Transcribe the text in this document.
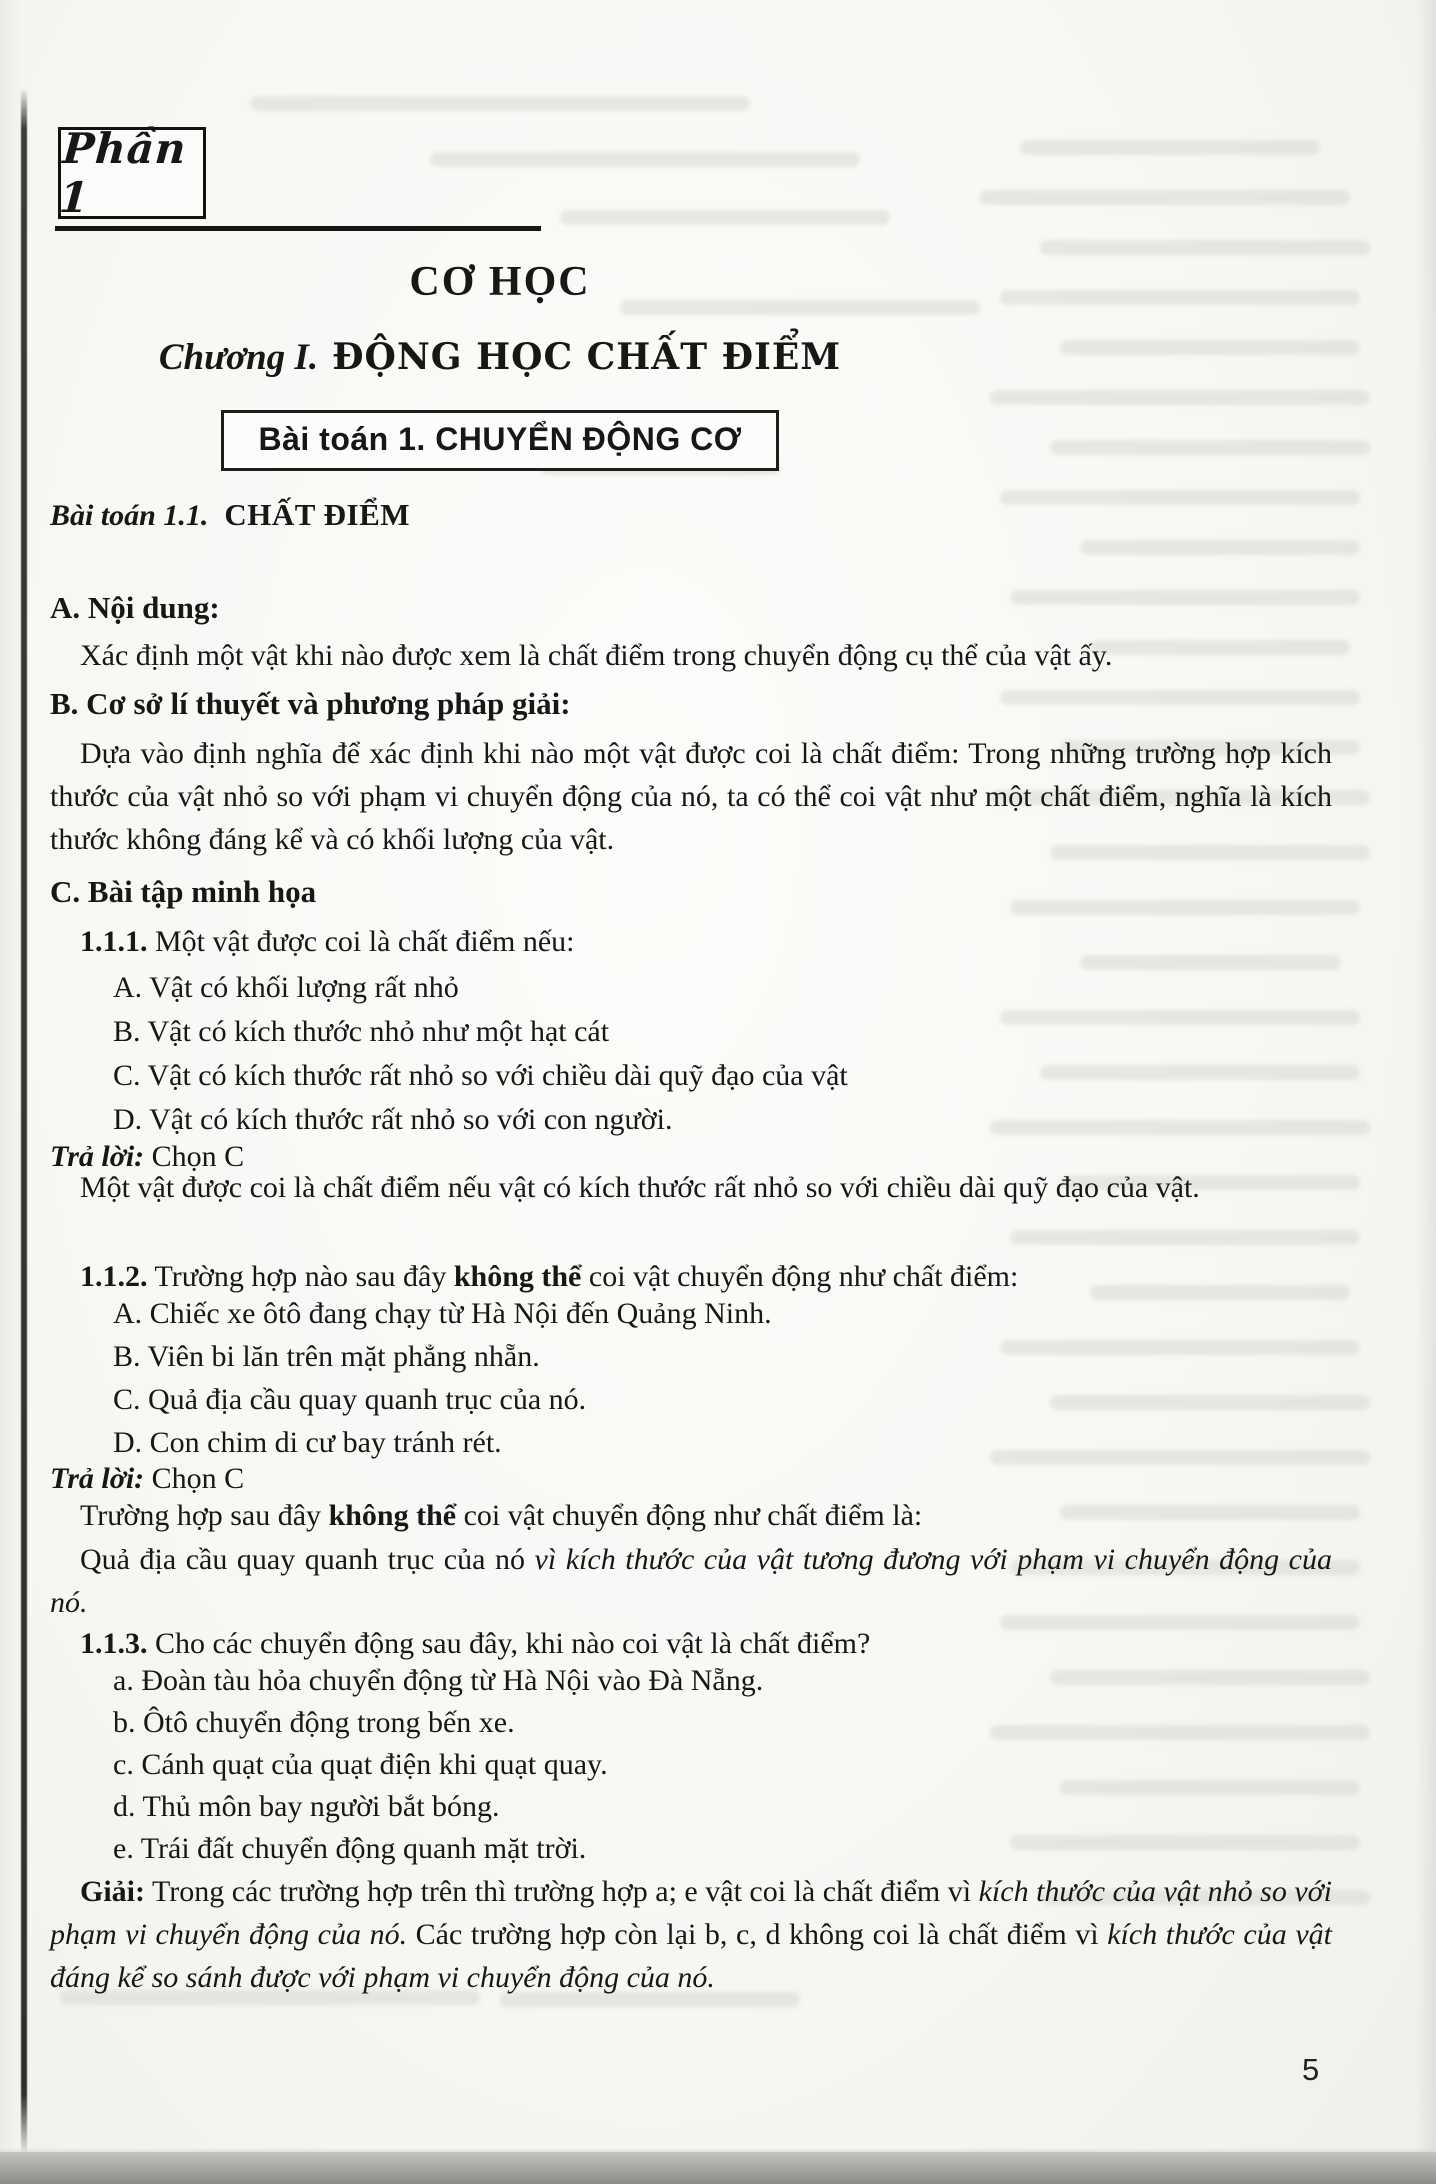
Phần 1
CƠ HỌC
Chương I. ĐỘNG HỌC CHẤT ĐIỂM
Bài toán 1. CHUYỂN ĐỘNG CƠ
Bài toán 1.1. CHẤT ĐIỂM
A. Nội dung:
Xác định một vật khi nào được xem là chất điểm trong chuyển động cụ thể của vật ấy.
B. Cơ sở lí thuyết và phương pháp giải:
Dựa vào định nghĩa để xác định khi nào một vật được coi là chất điểm: Trong những trường hợp kích thước của vật nhỏ so với phạm vi chuyển động của nó, ta có thể coi vật như một chất điểm, nghĩa là kích thước không đáng kể và có khối lượng của vật.
C. Bài tập minh họa
1.1.1. Một vật được coi là chất điểm nếu:
A. Vật có khối lượng rất nhỏ
B. Vật có kích thước nhỏ như một hạt cát
C. Vật có kích thước rất nhỏ so với chiều dài quỹ đạo của vật
D. Vật có kích thước rất nhỏ so với con người.
Trả lời: Chọn C
Một vật được coi là chất điểm nếu vật có kích thước rất nhỏ so với chiều dài quỹ đạo của vật.
1.1.2. Trường hợp nào sau đây không thể coi vật chuyển động như chất điểm:
A. Chiếc xe ôtô đang chạy từ Hà Nội đến Quảng Ninh.
B. Viên bi lăn trên mặt phẳng nhẵn.
C. Quả địa cầu quay quanh trục của nó.
D. Con chim di cư bay tránh rét.
Trả lời: Chọn C
Trường hợp sau đây không thể coi vật chuyển động như chất điểm là:
Quả địa cầu quay quanh trục của nó vì kích thước của vật tương đương với phạm vi chuyển động của nó.
1.1.3. Cho các chuyển động sau đây, khi nào coi vật là chất điểm?
a. Đoàn tàu hỏa chuyển động từ Hà Nội vào Đà Nẵng.
b. Ôtô chuyển động trong bến xe.
c. Cánh quạt của quạt điện khi quạt quay.
d. Thủ môn bay người bắt bóng.
e. Trái đất chuyển động quanh mặt trời.
Giải: Trong các trường hợp trên thì trường hợp a; e vật coi là chất điểm vì kích thước của vật nhỏ so với phạm vi chuyển động của nó. Các trường hợp còn lại b, c, d không coi là chất điểm vì kích thước của vật đáng kể so sánh được với phạm vi chuyển động của nó.
5
